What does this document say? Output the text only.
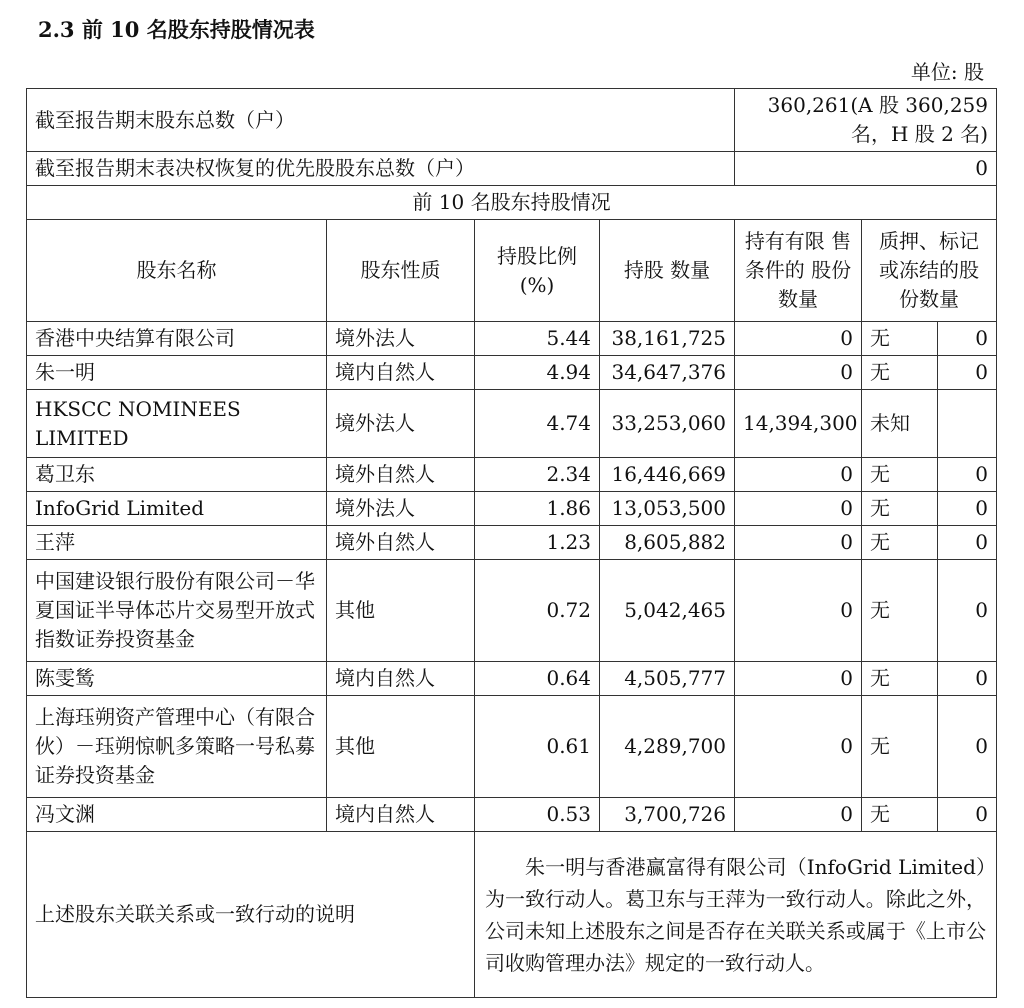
2.3 前 10 名股东持股情况表
单位: 股
截至报告期末股东总数（户）				360,261(A 股 360,259 名，H 股 2 名)		
截至报告期末表决权恢复的优先股股东总数（户）				0		
前 10 名股东持股情况						
股东名称	股东性质	持股比例 (%)	持股 数量	持有有限 售条件的 股份数量	质押、标记 或冻结的股 份数量	
香港中央结算有限公司	境外法人	5.44	38,161,725	0	无	0
朱一明	境内自然人	4.94	34,647,376	0	无	0
HKSCC NOMINEES LIMITED	境外法人	4.74	33,253,060	14,394,300	未知	
葛卫东	境外自然人	2.34	16,446,669	0	无	0
InfoGrid Limited	境外法人	1.86	13,053,500	0	无	0
王萍	境外自然人	1.23	8,605,882	0	无	0
中国建设银行股份有限公司－华夏国证半导体芯片交易型开放式指数证券投资基金	其他	0.72	5,042,465	0	无	0
陈雯鸶	境内自然人	0.64	4,505,777	0	无	0
上海珏朔资产管理中心（有限合伙）－珏朔惊帆多策略一号私募证券投资基金	其他	0.61	4,289,700	0	无	0
冯文渊	境内自然人	0.53	3,700,726	0	无	0
上述股东关联关系或一致行动的说明		朱一明与香港赢富得有限公司（InfoGrid Limited）为一致行动人。葛卫东与王萍为一致行动人。除此之外，公司未知上述股东之间是否存在关联关系或属于《上市公司收购管理办法》规定的一致行动人。				
